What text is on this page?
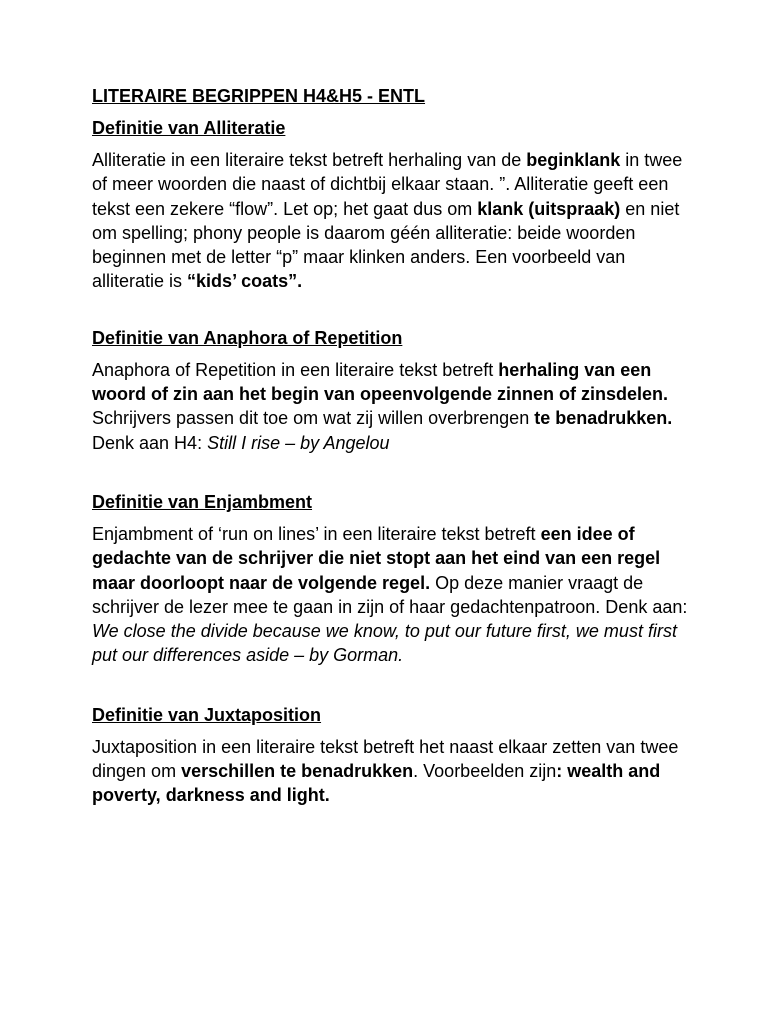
LITERAIRE BEGRIPPEN H4&H5 - ENTL
Definitie van Alliteratie

Alliteratie in een literaire tekst betreft herhaling van de beginklank in twee of meer woorden die naast of dichtbij elkaar staan. ”. Alliteratie geeft een tekst een zekere “flow”. Let op; het gaat dus om klank (uitspraak) en niet om spelling; phony people is daarom géén alliteratie: beide woorden beginnen met de letter “p” maar klinken anders. Een voorbeeld van alliteratie is “kids’ coats”.

Definitie van Anaphora of Repetition

Anaphora of Repetition in een literaire tekst betreft herhaling van een woord of zin aan het begin van opeenvolgende zinnen of zinsdelen. Schrijvers passen dit toe om wat zij willen overbrengen te benadrukken. Denk aan H4: Still I rise – by Angelou

Definitie van Enjambment

Enjambment of ‘run on lines’ in een literaire tekst betreft een idee of gedachte van de schrijver die niet stopt aan het eind van een regel maar doorloopt naar de volgende regel. Op deze manier vraagt de schrijver de lezer mee te gaan in zijn of haar gedachtenpatroon. Denk aan: We close the divide because we know, to put our future first, we must first put our differences aside – by Gorman.

Definitie van Juxtaposition

Juxtaposition in een literaire tekst betreft het naast elkaar zetten van twee dingen om verschillen te benadrukken. Voorbeelden zijn: wealth and poverty, darkness and light.
